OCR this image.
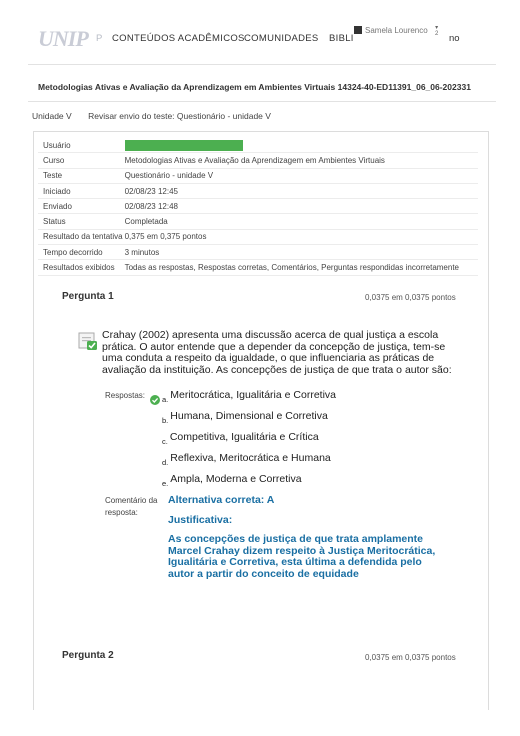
UNIP P CONTEÚDOS ACADÊMICOS COMUNIDADES BIBLI
Samela Lourenco ▾
2 no
Metodologias Ativas e Avaliação da Aprendizagem em Ambientes Virtuais 14324-40-ED11391_06_06-202331
Unidade V Revisar envio do teste: Questionário - unidade V
Usuário	
Curso	Metodologias Ativas e Avaliação da Aprendizagem em Ambientes Virtuais
Teste	Questionário - unidade V
Iniciado	02/08/23 12:45
Enviado	02/08/23 12:48
Status	Completada
Resultado da tentativa	0,375 em 0,375 pontos
Tempo decorrido	3 minutos
Resultados exibidos	Todas as respostas, Respostas corretas, Comentários, Perguntas respondidas incorretamente
Pergunta 1	0,0375 em 0,0375 pontos
Crahay (2002) apresenta uma discussão acerca de qual justiça a escola prática. O autor entende que a depender da concepção de justiça, tem-se uma conduta a respeito da igualdade, o que influenciaria as práticas de avaliação da instituição. As concepções de justiça de que trata o autor são:
Respostas: $_{a.}$ Meritocrática, Igualitária e Corretiva
$_{b.}$ Humana, Dimensional e Corretiva
$_{c.}$ Competitiva, Igualitária e Crítica
$_{d.}$ Reflexiva, Meritocrática e Humana
$_{e.}$ Ampla, Moderna e Corretiva
Comentário da
resposta:
Alternativa correta: A
Justificativa:
As concepções de justiça de que trata amplamente Marcel Crahay dizem respeito à Justiça Meritocrática, Igualitária e Corretiva, esta última a defendida pelo autor a partir do conceito de equidade
Pergunta 2	0,0375 em 0,0375 pontos
